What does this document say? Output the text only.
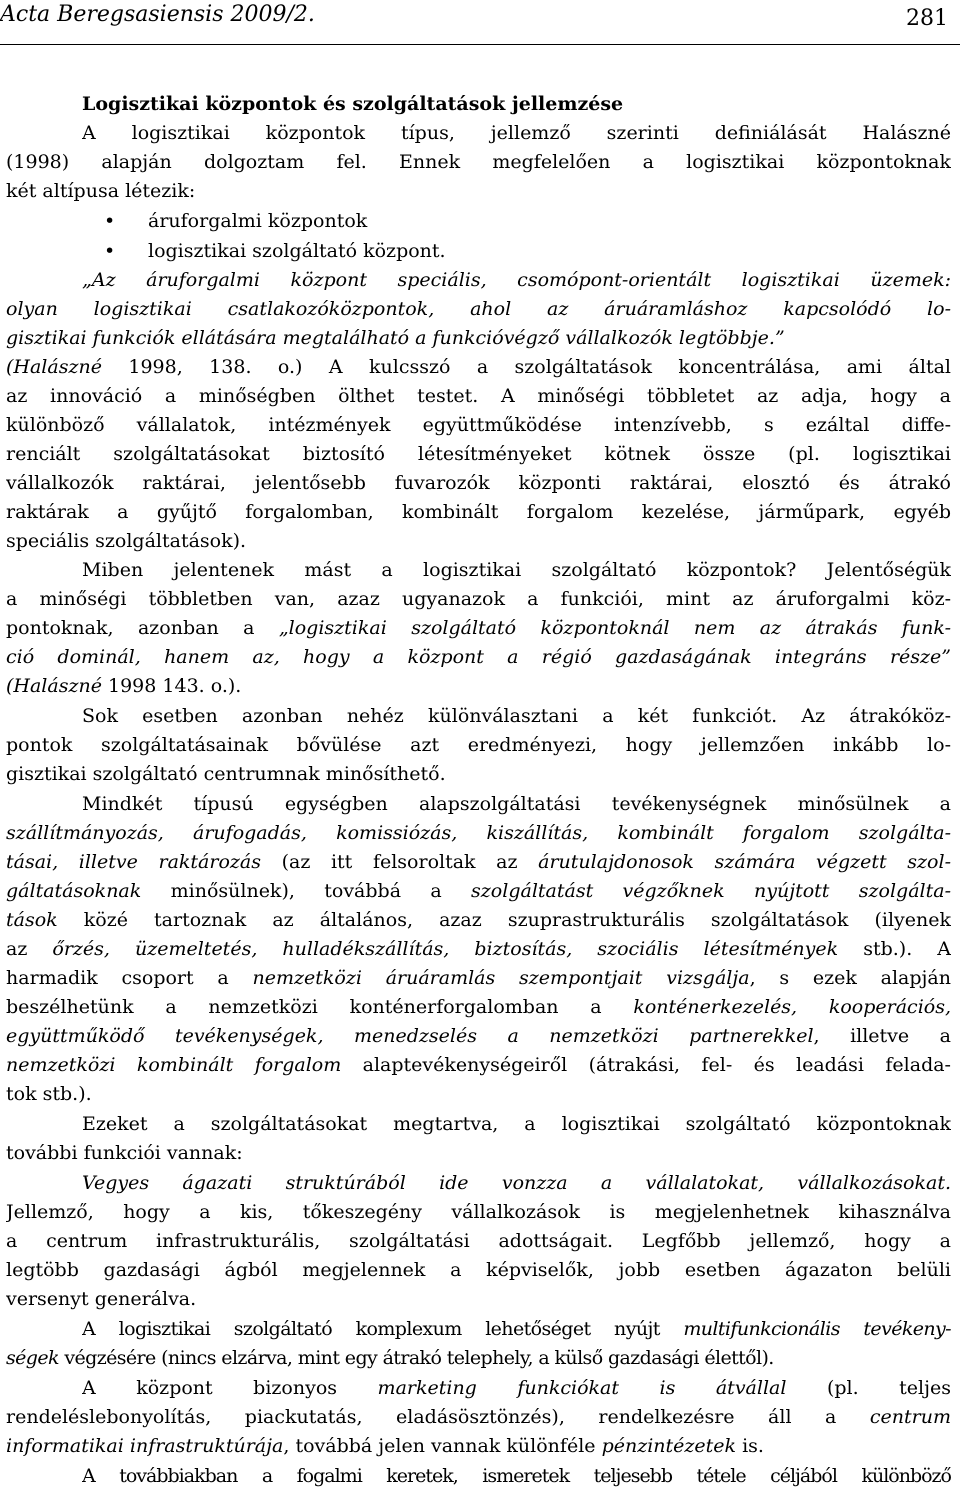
Acta Beregsasiensis 2009/2.	281
Logisztikai központok és szolgáltatások jellemzése
A logisztikai központok típus, jellemző szerinti definiálását Halászné
(1998) alapján dolgoztam fel. Ennek megfelelően a logisztikai központoknak
két altípusa létezik:
• áruforgalmi központok
• logisztikai szolgáltató központ.
„Az áruforgalmi központ speciális, csomópont-orientált logisztikai üzemek:
olyan logisztikai csatlakozóközpontok, ahol az áruáramláshoz kapcsolódó lo-
gisztikai funkciók ellátására megtalálható a funkcióvégző vállalkozók legtöbbje.”
(Halászné 1998, 138. o.) A kulcsszó a szolgáltatások koncentrálása, ami által
az innováció a minőségben ölthet testet. A minőségi többletet az adja, hogy a
különböző vállalatok, intézmények együttműködése intenzívebb, s ezáltal diffe-
renciált szolgáltatásokat biztosító létesítményeket kötnek össze (pl. logisztikai
vállalkozók raktárai, jelentősebb fuvarozók központi raktárai, elosztó és átrakó
raktárak a gyűjtő forgalomban, kombinált forgalom kezelése, járműpark, egyéb
speciális szolgáltatások).
Miben jelentenek mást a logisztikai szolgáltató központok? Jelentőségük
a minőségi többletben van, azaz ugyanazok a funkciói, mint az áruforgalmi köz-
pontoknak, azonban a „logisztikai szolgáltató központoknál nem az átrakás funk-
ció dominál, hanem az, hogy a központ a régió gazdaságának integráns része”
(Halászné 1998 143. o.).
Sok esetben azonban nehéz különválasztani a két funkciót. Az átrakóköz-
pontok szolgáltatásainak bővülése azt eredményezi, hogy jellemzően inkább lo-
gisztikai szolgáltató centrumnak minősíthető.
Mindkét típusú egységben alapszolgáltatási tevékenységnek minősülnek a
szállítmányozás, árufogadás, komissiózás, kiszállítás, kombinált forgalom szolgálta-
tásai, illetve raktározás (az itt felsoroltak az árutulajdonosok számára végzett szol-
gáltatásoknak minősülnek), továbbá a szolgáltatást végzőknek nyújtott szolgálta-
tások közé tartoznak az általános, azaz szuprastrukturális szolgáltatások (ilyenek
az őrzés, üzemeltetés, hulladékszállítás, biztosítás, szociális létesítmények stb.). A
harmadik csoport a nemzetközi áruáramlás szempontjait vizsgálja, s ezek alapján
beszélhetünk a nemzetközi konténerforgalomban a konténerkezelés, kooperációs,
együttműködő tevékenységek, menedzselés a nemzetközi partnerekkel, illetve a
nemzetközi kombinált forgalom alaptevékenységeiről (átrakási, fel- és leadási felada-
tok stb.).
Ezeket a szolgáltatásokat megtartva, a logisztikai szolgáltató központoknak
további funkciói vannak:
Vegyes ágazati struktúrából ide vonzza a vállalatokat, vállalkozásokat.
Jellemző, hogy a kis, tőkeszegény vállalkozások is megjelenhetnek kihasználva
a centrum infrastrukturális, szolgáltatási adottságait. Legfőbb jellemző, hogy a
legtöbb gazdasági ágból megjelennek a képviselők, jobb esetben ágazaton belüli
versenyt generálva.
A logisztikai szolgáltató komplexum lehetőséget nyújt multifunkcionális tevékeny-
ségek végzésére (nincs elzárva, mint egy átrakó telephely, a külső gazdasági élettől).
A központ bizonyos marketing funkciókat is átvállal (pl. teljes
rendeléslebonyolítás, piackutatás, eladásösztönzés), rendelkezésre áll a centrum
informatikai infrastruktúrája, továbbá jelen vannak különféle pénzintézetek is.
A továbbiakban a fogalmi keretek, ismeretek teljesebb tétele céljából különböző
